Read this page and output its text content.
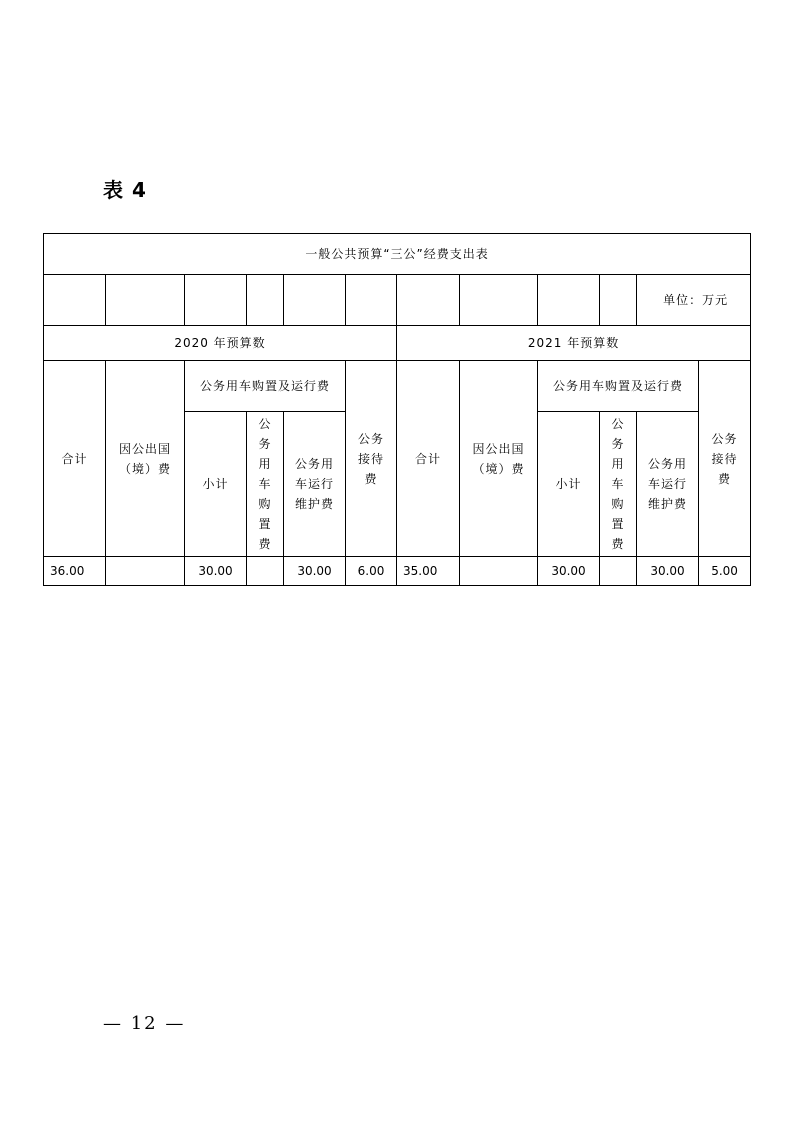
表 4
一般公共预算“三公”经费支出表											
										单位：万元	
2020 年预算数						2021 年预算数					
合计	因公出国（境）费	公务用车购置及运行费			公务接待费	合计	因公出国（境）费	公务用车购置及运行费			公务接待费
		小计	公务用车购置费	公务用车运行维护费				小计	公务用车购置费	公务用车运行维护费	
36.00		30.00		30.00	6.00	35.00		30.00		30.00	5.00
— 12 —
